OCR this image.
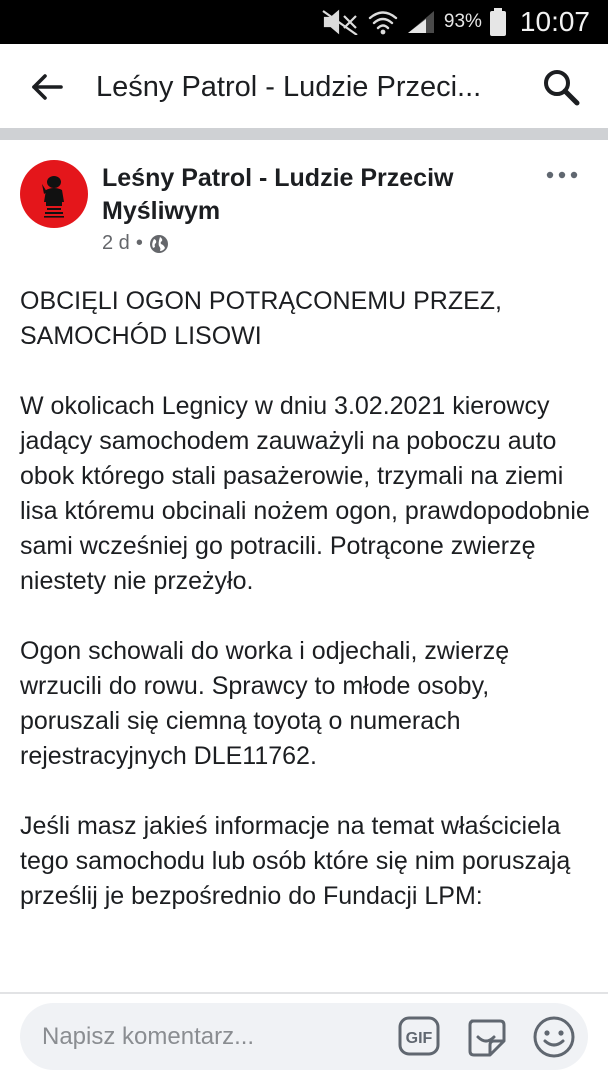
93% 10:07
Leśny Patrol - Ludzie Przeci...
Leśny Patrol - Ludzie Przeciw Myśliwym
2 d •

OBCIĘLI OGON POTRĄCONEMU PRZEZ, SAMOCHÓD LISOWI

W okolicach Legnicy w dniu 3.02.2021 kierowcy jadący samochodem zauważyli na poboczu auto obok którego stali pasażerowie, trzymali na ziemi lisa któremu obcinali nożem ogon, prawdopodobnie sami wcześniej go potracili. Potrącone zwierzę niestety nie przeżyło.

Ogon schowali do worka i odjechali, zwierzę wrzucili do rowu. Sprawcy to młode osoby, poruszali się ciemną toyotą o numerach rejestracyjnych DLE11762.

Jeśli masz jakieś informacje na temat właściciela tego samochodu lub osób które się nim poruszają prześlij je bezpośrednio do Fundacji LPM:

Napisz komentarz...	GIF
